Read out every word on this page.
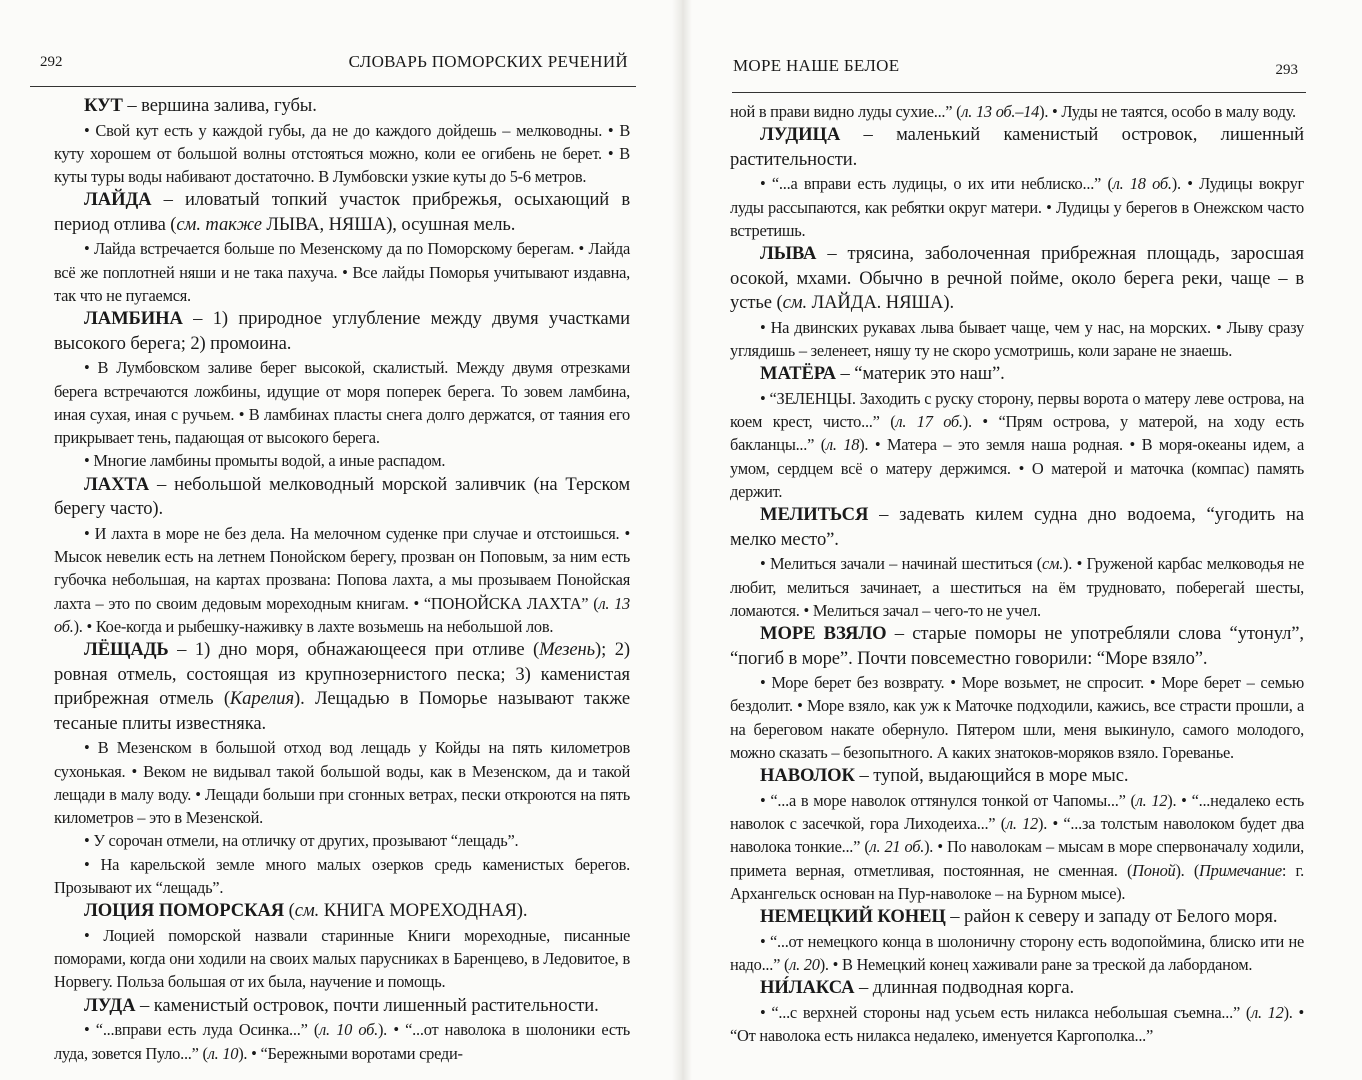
292	СЛОВАРЬ ПОМОРСКИХ РЕЧЕНИЙ

КУТ – вершина залива, губы.

• Свой кут есть у каждой губы, да не до каждого дойдешь – мелководны. • В куту хорошем от большой волны отстояться можно, коли ее огибень не берет. • В куты туры воды набивают достаточно. В Лумбовски узкие куты до 5-6 метров.

ЛАЙДА – иловатый топкий участок прибрежья, осыхающий в период отлива (см. также ЛЫВА, НЯША), осушная мель.

• Лайда встречается больше по Мезенскому да по Поморскому берегам. • Лайда всё же поплотней няши и не така пахуча. • Все лайды Поморья учитывают издавна, так что не пугаемся.

ЛАМБИНА – 1) природное углубление между двумя участками высокого берега; 2) промоина.

• В Лумбовском заливе берег высокой, скалистый. Между двумя отрезками берега встречаются ложбины, идущие от моря поперек берега. То зовем ламбина, иная сухая, иная с ручьем. • В ламбинах пласты снега долго держатся, от таяния его прикрывает тень, падающая от высокого берега.

• Многие ламбины промыты водой, а иные распадом.

ЛАХТА – небольшой мелководный морской заливчик (на Терском берегу часто).

• И лахта в море не без дела. На мелочном суденке при случае и отстоишься. • Мысок невелик есть на летнем Понойском берегу, прозван он Поповым, за ним есть губочка небольшая, на картах прозвана: Попова лахта, а мы прозываем Понойская лахта – это по своим дедовым мореходным книгам. • “ПОНОЙСКА ЛАХТА” (л. 13 об.). • Кое-когда и рыбешку-наживку в лахте возьмешь на небольшой лов.

ЛЁЩАДЬ – 1) дно моря, обнажающееся при отливе (Мезень); 2) ровная отмель, состоящая из крупнозернистого песка; 3) каменистая прибрежная отмель (Карелия). Лещадью в Поморье называют также тесаные плиты известняка.

• В Мезенском в большой отход вод лещадь у Койды на пять километров сухонькая. • Веком не видывал такой большой воды, как в Мезенском, да и такой лещади в малу воду. • Лещади больши при сгонных ветрах, пески откроются на пять километров – это в Мезенской.

• У сорочан отмели, на отличку от других, прозывают “лещадь”.

• На карельской земле много малых озерков средь каменистых берегов. Прозывают их “лещадь”.

ЛОЦИЯ ПОМОРСКАЯ (см. КНИГА МОРЕХОДНАЯ).

• Лоцией поморской назвали старинные Книги мореходные, писанные поморами, когда они ходили на своих малых парусниках в Баренцево, в Ледовитое, в Норвегу. Польза большая от их была, научение и помощь.

ЛУДА – каменистый островок, почти лишенный растительности.

• “...вправи есть луда Осинка...” (л. 10 об.). • “...от наволока в шолоники есть луда, зовется Пуло...” (л. 10). • “Бережными воротами среди-

МОРЕ НАШЕ БЕЛОЕ	293

ной в прави видно луды сухие...” (л. 13 об.–14). • Луды не таятся, особо в малу воду.

ЛУДИЦА – маленький каменистый островок, лишенный растительности.

• “...а вправи есть лудицы, о их ити неблиско...” (л. 18 об.). • Лудицы вокруг луды рассыпаются, как ребятки округ матери. • Лудицы у берегов в Онежском часто встретишь.

ЛЫВА – трясина, заболоченная прибрежная площадь, заросшая осокой, мхами. Обычно в речной пойме, около берега реки, чаще – в устье (см. ЛАЙДА. НЯША).

• На двинских рукавах лыва бывает чаще, чем у нас, на морских. • Лыву сразу углядишь – зеленеет, няшу ту не скоро усмотришь, коли заране не знаешь.

МАТЁРА – “материк это наш”.

• “ЗЕЛЕНЦЫ. Заходить с руску сторону, первы ворота о матеру леве острова, на коем крест, чисто...” (л. 17 об.). • “Прям острова, у матерой, на ходу есть бакланцы...” (л. 18). • Матера – это земля наша родная. • В моря-океаны идем, а умом, сердцем всё о матеру держимся. • О матерой и маточка (компас) память держит.

МЕЛИТЬСЯ – задевать килем судна дно водоема, “угодить на мелко место”.

• Мелиться зачали – начинай шеститься (см.). • Груженой карбас мелководья не любит, мелиться зачинает, а шеститься на ём трудновато, поберегай шесты, ломаются. • Мелиться зачал – чего-то не учел.

МОРЕ ВЗЯЛО – старые поморы не употребляли слова “утонул”, “погиб в море”. Почти повсеместно говорили: “Море взяло”.

• Море берет без возврату. • Море возьмет, не спросит. • Море берет – семью бездолит. • Море взяло, как уж к Маточке подходили, кажись, все страсти прошли, а на береговом накате обернуло. Пятером шли, меня выкинуло, самого молодого, можно сказать – безопытного. А каких знатоков-моряков взяло. Гореванье.

НАВОЛОК – тупой, выдающийся в море мыс.

• “...а в море наволок оттянулся тонкой от Чапомы...” (л. 12). • “...недалеко есть наволок с засечкой, гора Лиходеиха...” (л. 12). • “...за толстым наволоком будет два наволока тонкие...” (л. 21 об.). • По наволокам – мысам в море спервоначалу ходили, примета верная, отметливая, постоянная, не сменная. (Поной). (Примечание: г. Архангельск основан на Пур-наволоке – на Бурном мысе).

НЕМЕЦКИЙ КОНЕЦ – район к северу и западу от Белого моря.

• “...от немецкого конца в шолоничну сторону есть водопоймина, блиско ити не надо...” (л. 20). • В Немецкий конец хаживали ране за треской да лаборданом.

НИ́ЛАКСА – длинная подводная корга.

• “...с верхней стороны над усьем есть нилакса небольшая съемна...” (л. 12). • “От наволока есть нилакса недалеко, именуется Каргополка...”
